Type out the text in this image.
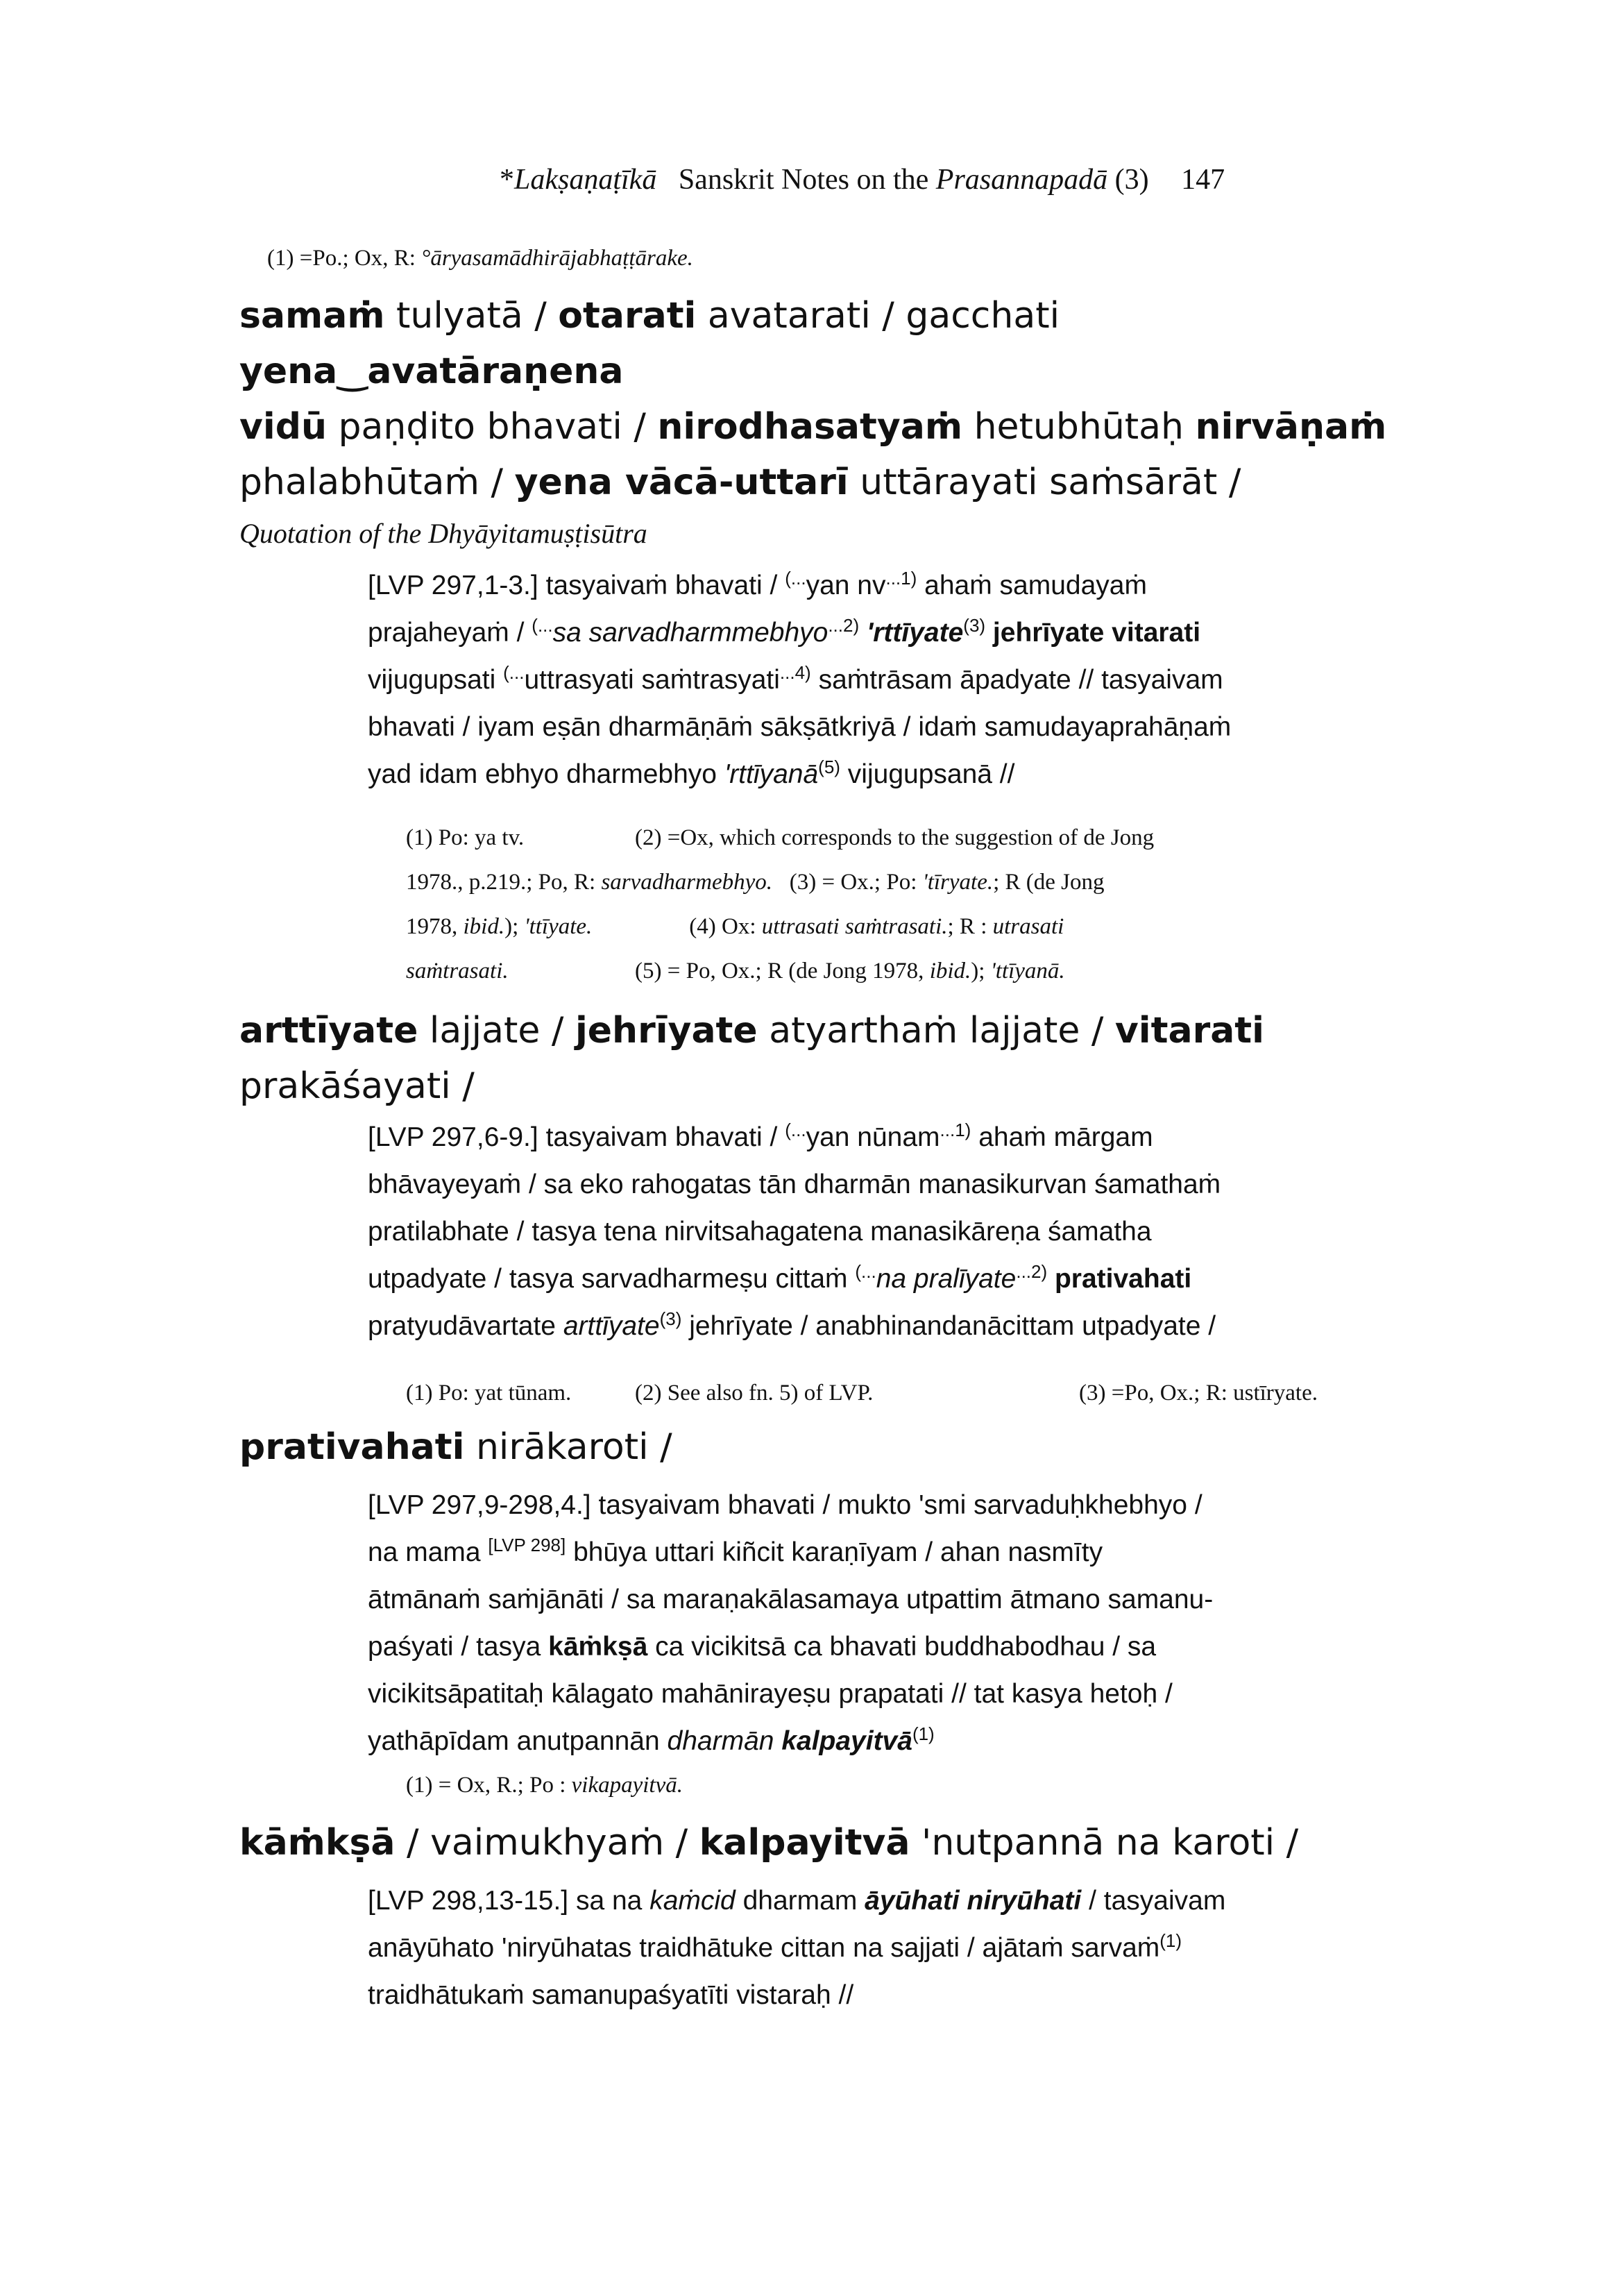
*Lakṣaṇaṭīkā Sanskrit Notes on the Prasannapadā (3) 147
(1) =Po.; Ox, R: °āryasamādhirājabhaṭṭārake.
samaṁ tulyatā / otarati avatarati / gacchati yena‿avatāraṇena
vidū paṇḍito bhavati / nirodhasatyaṁ hetubhūtaḥ nirvāṇaṁ
phalabhūtaṁ / yena vācā-uttarī uttārayati saṁsārāt /
Quotation of the Dhyāyitamuṣṭisūtra
[LVP 297,1-3.] tasyaivaṁ bhavati / (...yan $nv^{...1)}$ ahaṁ samudayaṁ
prajaheyaṁ / (...sa sarvadharmmebhyo$^{...2)}$ 'rttīyate$^{(3)}$ jehrīyate vitarati
vijugupsati (...uttrasyati saṁtrasyati$^{...4)}$ saṁtrāsam āpadyate // tasyaivam
bhavati / iyam eṣān dharmāṇāṁ sākṣātkriyā / idaṁ samudayaprahāṇaṁ
yad idam ebhyo dharmebhyo 'rttīyanā$^{(5)}$ vijugupsanā //
(1) Po: ya tv.	(2) =Ox, which corresponds to the suggestion of de Jong
1978., p.219.; Po, R:
sarvadharmebhyo.
(3) = Ox.; Po:
'tīryate. ; R (de Jong
1978,
ibid. );
'ttīyate.	(4) Ox:
uttrasati saṁtrasati. ; R :
utrasati
saṁtrasati.	(5) = Po, Ox.; R (de Jong 1978,
ibid. );
'ttīyanā.
arttīyate lajjate / jehrīyate atyarthaṁ lajjate / vitarati
prakāśayati /
[LVP 297,6-9.] tasyaivam bhavati / (...yan nūnam$^{...1)}$ ahaṁ mārgam
bhāvayeyaṁ / sa eko rahogatas tān dharmān manasikurvan śamathaṁ
pratilabhate / tasya tena nirvitsahagatena manasikāreṇa śamatha
utpadyate / tasya sarvadharmeṣu cittaṁ (...na pralīyate$^{...2)}$ prativahati
pratyudāvartate arttīyate$^{(3)}$ jehrīyate / anabhinandanācittam utpadyate /
(1) Po: yat tūnam.	(2) See also fn. 5) of LVP.	(3) =Po, Ox.; R: ustīryate.
prativahati nirākaroti /
[LVP 297,9-298,4.] tasyaivam bhavati / mukto 'smi sarvaduḥkhebhyo /
na mama [LVP 298] bhūya uttari kiñcit karaṇīyam / ahan nasmīty
ātmānaṁ saṁjānāti / sa maraṇakālasamaya utpattim ātmano samanu-
paśyati / tasya kāṁkṣā ca vicikitsā ca bhavati buddhabodhau / sa
vicikitsāpatitaḥ kālagato mahānirayeṣu prapatati // tat kasya hetoḥ /
yathāpīdam anutpannān dharmān kalpayitvā$^{(1)}$
(1) = Ox, R.; Po : vikapayitvā.
kāṁkṣā / vaimukhyaṁ / kalpayitvā 'nutpannā na karoti /
[LVP 298,13-15.] sa na kaṁcid dharmam āyūhati niryūhati / tasyaivam
anāyūhato 'niryūhatas traidhātuke cittan na sajjati / ajātaṁ sarvaṁ$^{(1)}$
traidhātukaṁ samanupaśyatīti vistaraḥ //
